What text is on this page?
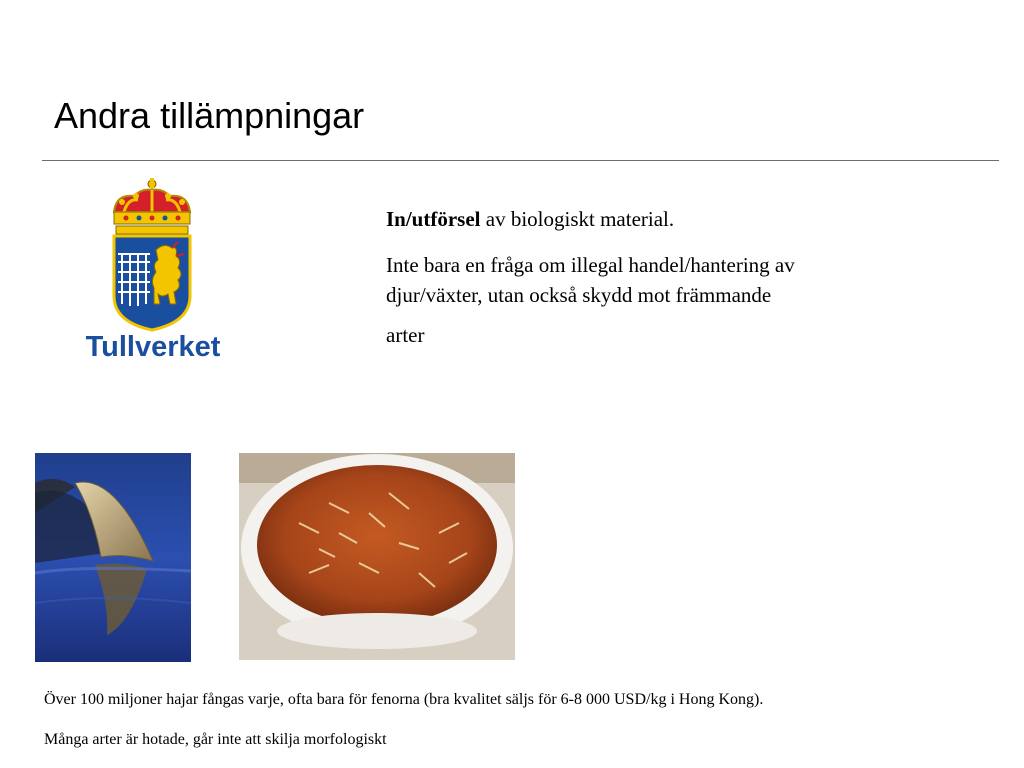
Andra tillämpningar
Tullverket

In/utförsel av biologiskt material.

Inte bara en fråga om illegal handel/hantering av
djur/växter, utan också skydd mot främmande
arter

Över 100 miljoner hajar fångas varje, ofta bara för fenorna (bra kvalitet säljs för 6-8 000 USD/kg i Hong Kong).

Många arter är hotade, går inte att skilja morfologiskt
